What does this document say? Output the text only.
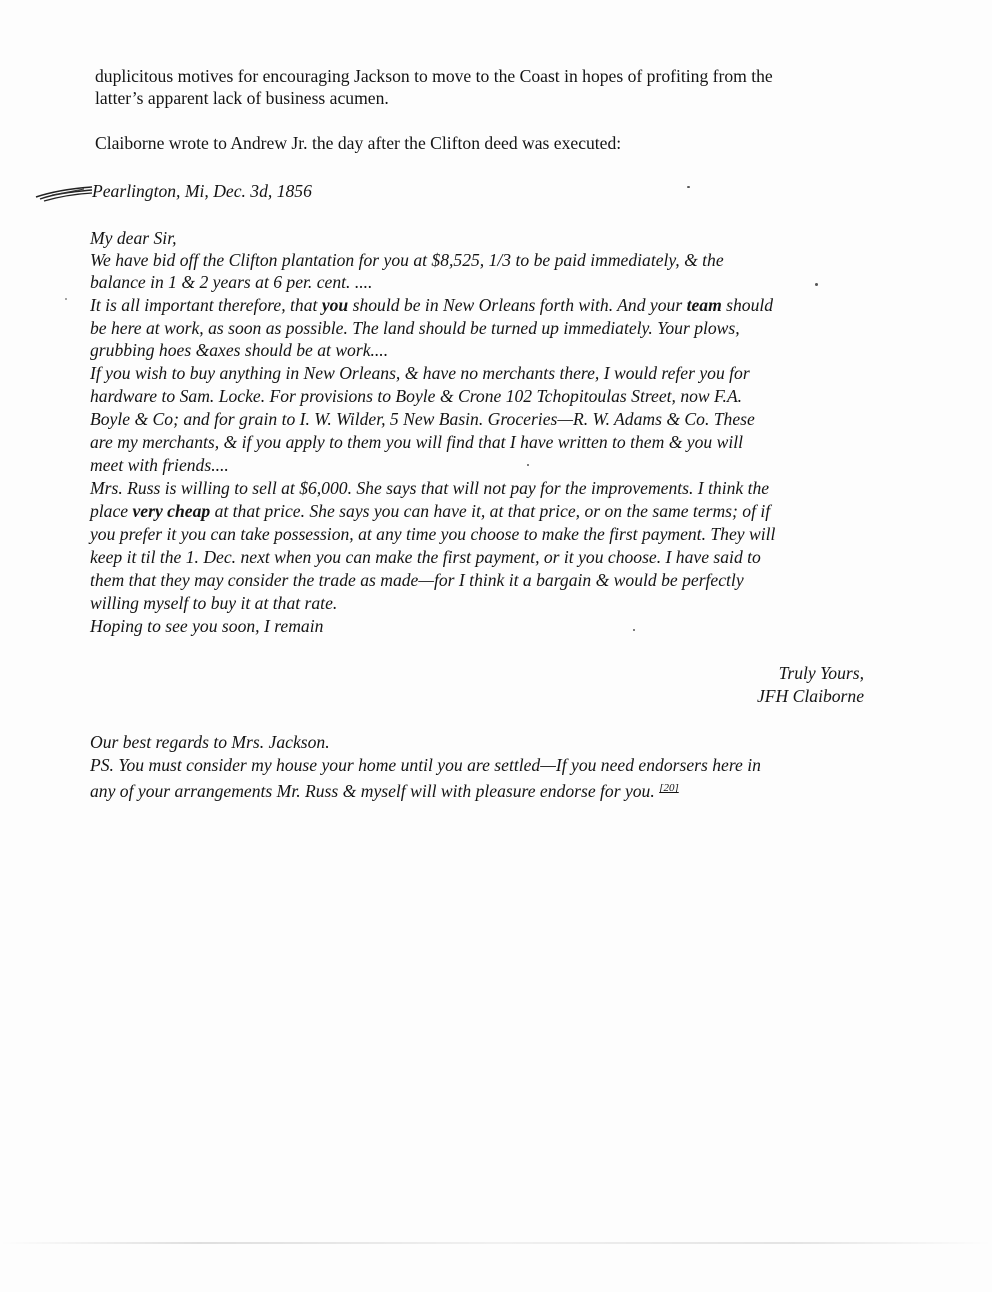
duplicitous motives for encouraging Jackson to move to the Coast in hopes of profiting from the
latter’s apparent lack of business acumen.
Claiborne wrote to Andrew Jr. the day after the Clifton deed was executed:
Pearlington, Mi, Dec. 3d, 1856
My dear Sir,
We have bid off the Clifton plantation for you at $8,525, 1/3 to be paid immediately, & the
balance in 1 & 2 years at 6 per. cent. ....
It is all important therefore, that you should be in New Orleans forth with. And your team should
be here at work, as soon as possible. The land should be turned up immediately. Your plows,
grubbing hoes &axes should be at work....
If you wish to buy anything in New Orleans, & have no merchants there, I would refer you for
hardware to Sam. Locke. For provisions to Boyle & Crone 102 Tchopitoulas Street, now F.A.
Boyle & Co; and for grain to I. W. Wilder, 5 New Basin. Groceries—R. W. Adams & Co. These
are my merchants, & if you apply to them you will find that I have written to them & you will
meet with friends....
Mrs. Russ is willing to sell at $6,000. She says that will not pay for the improvements. I think the
place very cheap at that price. She says you can have it, at that price, or on the same terms; of if
you prefer it you can take possession, at any time you choose to make the first payment. They will
keep it til the 1. Dec. next when you can make the first payment, or it you choose. I have said to
them that they may consider the trade as made—for I think it a bargain & would be perfectly
willing myself to buy it at that rate.
Hoping to see you soon, I remain
Truly Yours,
JFH Claiborne
Our best regards to Mrs. Jackson.
PS. You must consider my house your home until you are settled—If you need endorsers here in
any of your arrangements Mr. Russ & myself will with pleasure endorse for you. [20]
